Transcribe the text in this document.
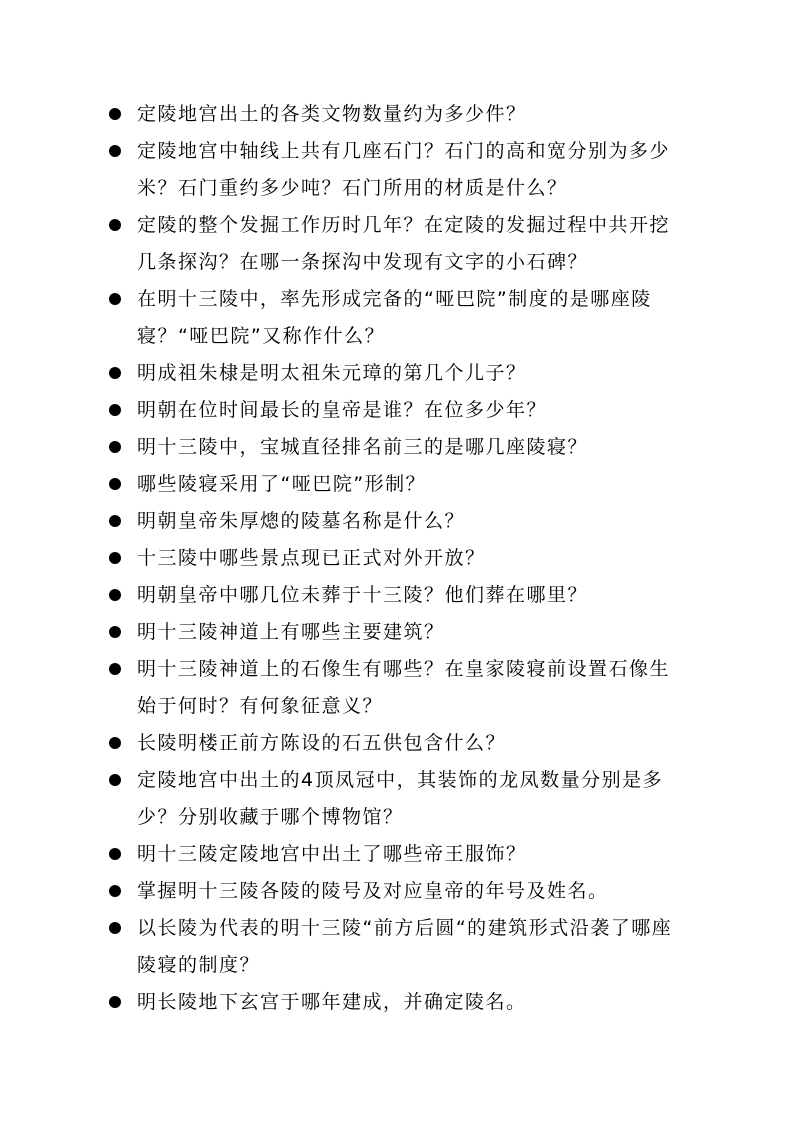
定陵地宫出土的各类文物数量约为多少件？
定陵地宫中轴线上共有几座石门？石门的高和宽分别为多少米？石门重约多少吨？石门所用的材质是什么？
定陵的整个发掘工作历时几年？在定陵的发掘过程中共开挖几条探沟？在哪一条探沟中发现有文字的小石碑？
在明十三陵中，率先形成完备的“哑巴院”制度的是哪座陵寝？“哑巴院”又称作什么？
明成祖朱棣是明太祖朱元璋的第几个儿子？
明朝在位时间最长的皇帝是谁？在位多少年？
明十三陵中，宝城直径排名前三的是哪几座陵寝？
哪些陵寝采用了“哑巴院”形制？
明朝皇帝朱厚熜的陵墓名称是什么？
十三陵中哪些景点现已正式对外开放？
明朝皇帝中哪几位未葬于十三陵？他们葬在哪里？
明十三陵神道上有哪些主要建筑？
明十三陵神道上的石像生有哪些？在皇家陵寝前设置石像生始于何时？有何象征意义？
长陵明楼正前方陈设的石五供包含什么？
定陵地宫中出土的4顶凤冠中，其装饰的龙凤数量分别是多少？分别收藏于哪个博物馆？
明十三陵定陵地宫中出土了哪些帝王服饰？
掌握明十三陵各陵的陵号及对应皇帝的年号及姓名。
以长陵为代表的明十三陵“前方后圆“的建筑形式沿袭了哪座陵寝的制度？
明长陵地下玄宫于哪年建成，并确定陵名。
